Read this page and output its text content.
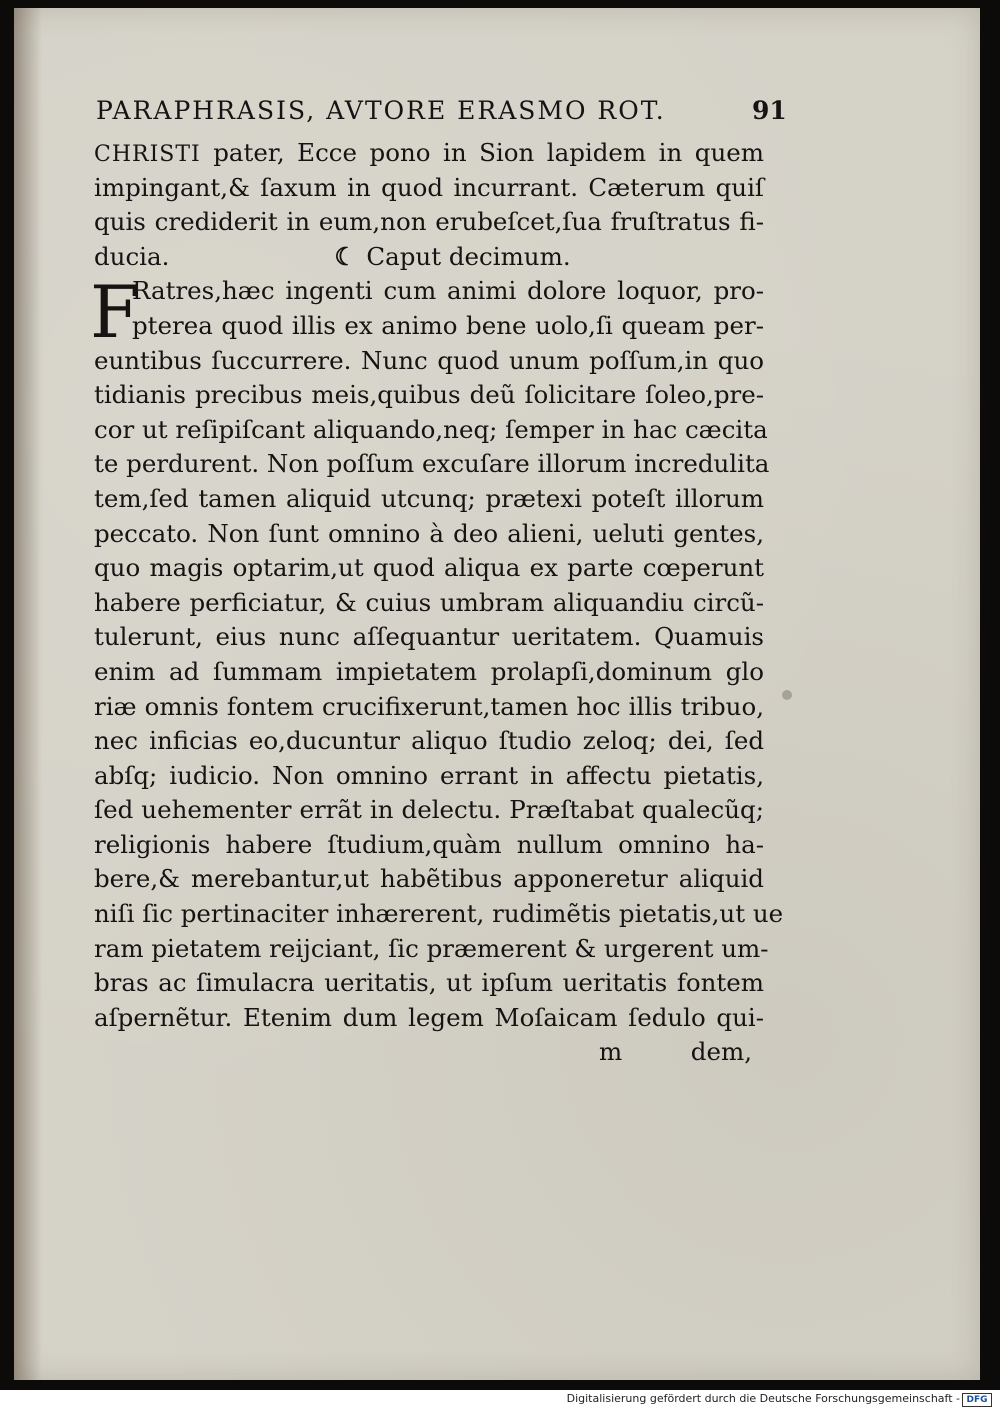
PARAPHRASIS, AVTORE ERASMO ROT.	91
CHRISTI pater, Ecce pono in Sion lapidem in quem
impingant,& ſaxum in quod incurrant. Cæterum quiſ
quis crediderit in eum,non erubeſcet,ſua fruſtratus fi-
ducia.	☾ Caput decimum.
F
Ratres,hæc ingenti cum animi dolore loquor, pro-
pterea quod illis ex animo bene uolo,ſi queam per-
euntibus ſuccurrere. Nunc quod unum poſſum,in quo
tidianis precibus meis,quibus deũ ſolicitare ſoleo,pre-
cor ut reſipiſcant aliquando,neq; ſemper in hac cæcita
te perdurent. Non poſſum excuſare illorum incredulita
tem,ſed tamen aliquid utcunq; prætexi poteſt illorum
peccato. Non ſunt omnino à deo alieni, ueluti gentes,
quo magis optarim,ut quod aliqua ex parte cœperunt
habere perficiatur, & cuius umbram aliquandiu circũ-
tulerunt, eius nunc aſſequantur ueritatem. Quamuis
enim ad ſummam impietatem prolapſi,dominum glo
riæ omnis fontem crucifixerunt,tamen hoc illis tribuo,
nec inficias eo,ducuntur aliquo ſtudio zeloq; dei, ſed
abſq; iudicio. Non omnino errant in affectu pietatis,
ſed uehementer errãt in delectu. Præſtabat qualecũq;
religionis habere ſtudium,quàm nullum omnino ha-
bere,& merebantur,ut habẽtibus apponeretur aliquid
niſi ſic pertinaciter inhærerent, rudimẽtis pietatis,ut ue
ram pietatem reijciant, ſic præmerent & urgerent um-
bras ac ſimulacra ueritatis, ut ipſum ueritatis fontem
aſpernẽtur. Etenim dum legem Moſaicam ſedulo qui-
m	dem,
Digitalisierung gefördert durch die Deutsche Forschungsgemeinschaft - DFG
